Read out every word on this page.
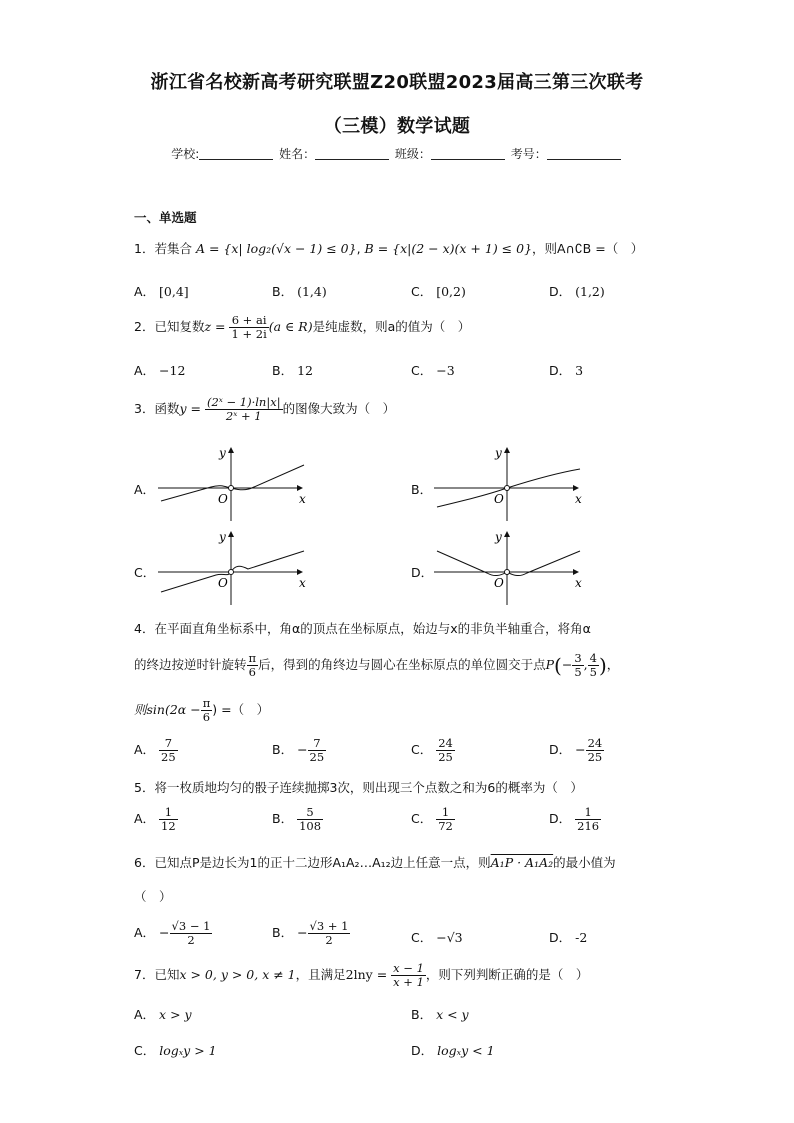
浙江省名校新高考研究联盟Z20联盟2023届高三第三次联考
（三模）数学试题
学校:	姓名：	班级：	考号：
一、单选题
1．若集合 A = {x| log₂(√x − 1) ≤ 0}, B = {x|(2 − x)(x + 1) ≤ 0}，则A∩∁B =（　）
A． [0,4]	B． (1,4)	C． [0,2)	D． (1,2)
2．已知复数$z = \frac{6 + ai}{1 + 2i} (a$ ∈ R)是纯虚数，则a的值为（　）
A． −12	B． 12	C． −3	D． 3
3．函数$y = \frac{\text{(2ˣ − 1)·ln|x|}}{\text{2ˣ + 1}}$ 的图像大致为（　）
A．
x
y
O
B．
x
y
O
C．
x
y
O
D．
x
y
O
4．在平面直角坐标系中，角α的顶点在坐标原点，始边与x的非负半轴重合，将角α
的终边按逆时针旋转 $\frac{\pi}{6}$ 后，得到的角终边与圆心在坐标原点的单位圆交于点$P(- \frac{3}{5}$ , $\frac{4}{5}$ )，
则$\sin(2\alpha - \frac{\pi}{6}$ ) =（　）
A． $\frac{7}{25}$	B． − $\frac{7}{25}$	C． $\frac{24}{25}$	D． − $\frac{24}{25}$
5．将一枚质地均匀的骰子连续抛掷3次，则出现三个点数之和为6的概率为（　）
A． $\frac{1}{12}$	B． $\frac{5}{108}$	C． $\frac{1}{72}$	D． $\frac{1}{216}$
6．已知点P是边长为1的正十二边形A₁A₂…A₁₂边上任意一点，则A₁P · A₁A₂的最小值为
（　）
A． − $\frac{√3 - 1}{2}$	B． − $\frac{√3 + 1}{2}$	C． −√3	D． -2
7．已知x > 0, y > 0, x ≠ 1，且满足$2\ln y = \frac{x - 1}{x + 1}$ ，则下列判断正确的是（　）
A． x > y	B． x < y
C． logₓy > 1	D． logₓy < 1
